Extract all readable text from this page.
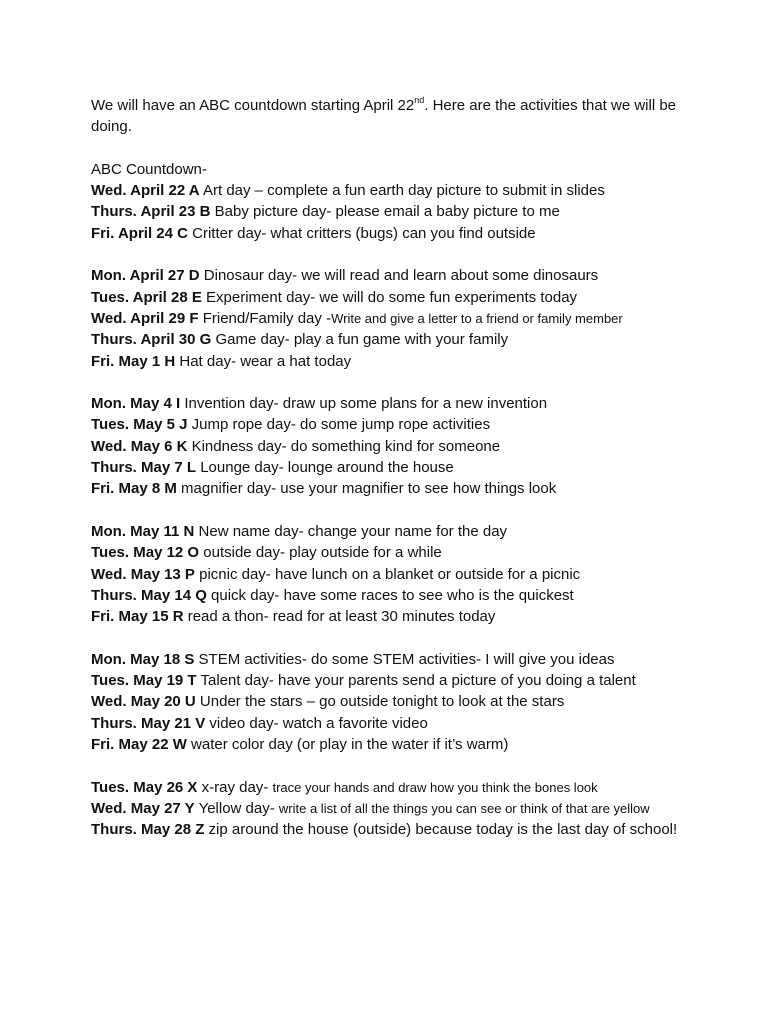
We will have an ABC countdown starting April 22nd. Here are the activities that we will be doing.

ABC Countdown-

Wed. April 22 A Art day – complete a fun earth day picture to submit in slides

Thurs. April 23 B Baby picture day- please email a baby picture to me

Fri. April 24 C Critter day- what critters (bugs) can you find outside

Mon. April 27 D Dinosaur day- we will read and learn about some dinosaurs

Tues. April 28 E Experiment day- we will do some fun experiments today

Wed. April 29 F Friend/Family day -Write and give a letter to a friend or family member

Thurs. April 30 G Game day- play a fun game with your family

Fri. May 1 H Hat day- wear a hat today

Mon. May 4 I Invention day- draw up some plans for a new invention

Tues. May 5 J Jump rope day- do some jump rope activities

Wed. May 6 K Kindness day- do something kind for someone

Thurs. May 7 L Lounge day- lounge around the house

Fri. May 8 M magnifier day- use your magnifier to see how things look

Mon. May 11 N New name day- change your name for the day

Tues. May 12 O outside day- play outside for a while

Wed. May 13 P picnic day- have lunch on a blanket or outside for a picnic

Thurs. May 14 Q quick day- have some races to see who is the quickest

Fri. May 15 R read a thon- read for at least 30 minutes today

Mon. May 18 S STEM activities- do some STEM activities- I will give you ideas

Tues. May 19 T Talent day- have your parents send a picture of you doing a talent

Wed. May 20 U Under the stars – go outside tonight to look at the stars

Thurs. May 21 V video day- watch a favorite video

Fri. May 22 W water color day (or play in the water if it’s warm)

Tues. May 26 X x-ray day- trace your hands and draw how you think the bones look

Wed. May 27 Y Yellow day- write a list of all the things you can see or think of that are yellow

Thurs. May 28 Z zip around the house (outside) because today is the last day of school!
